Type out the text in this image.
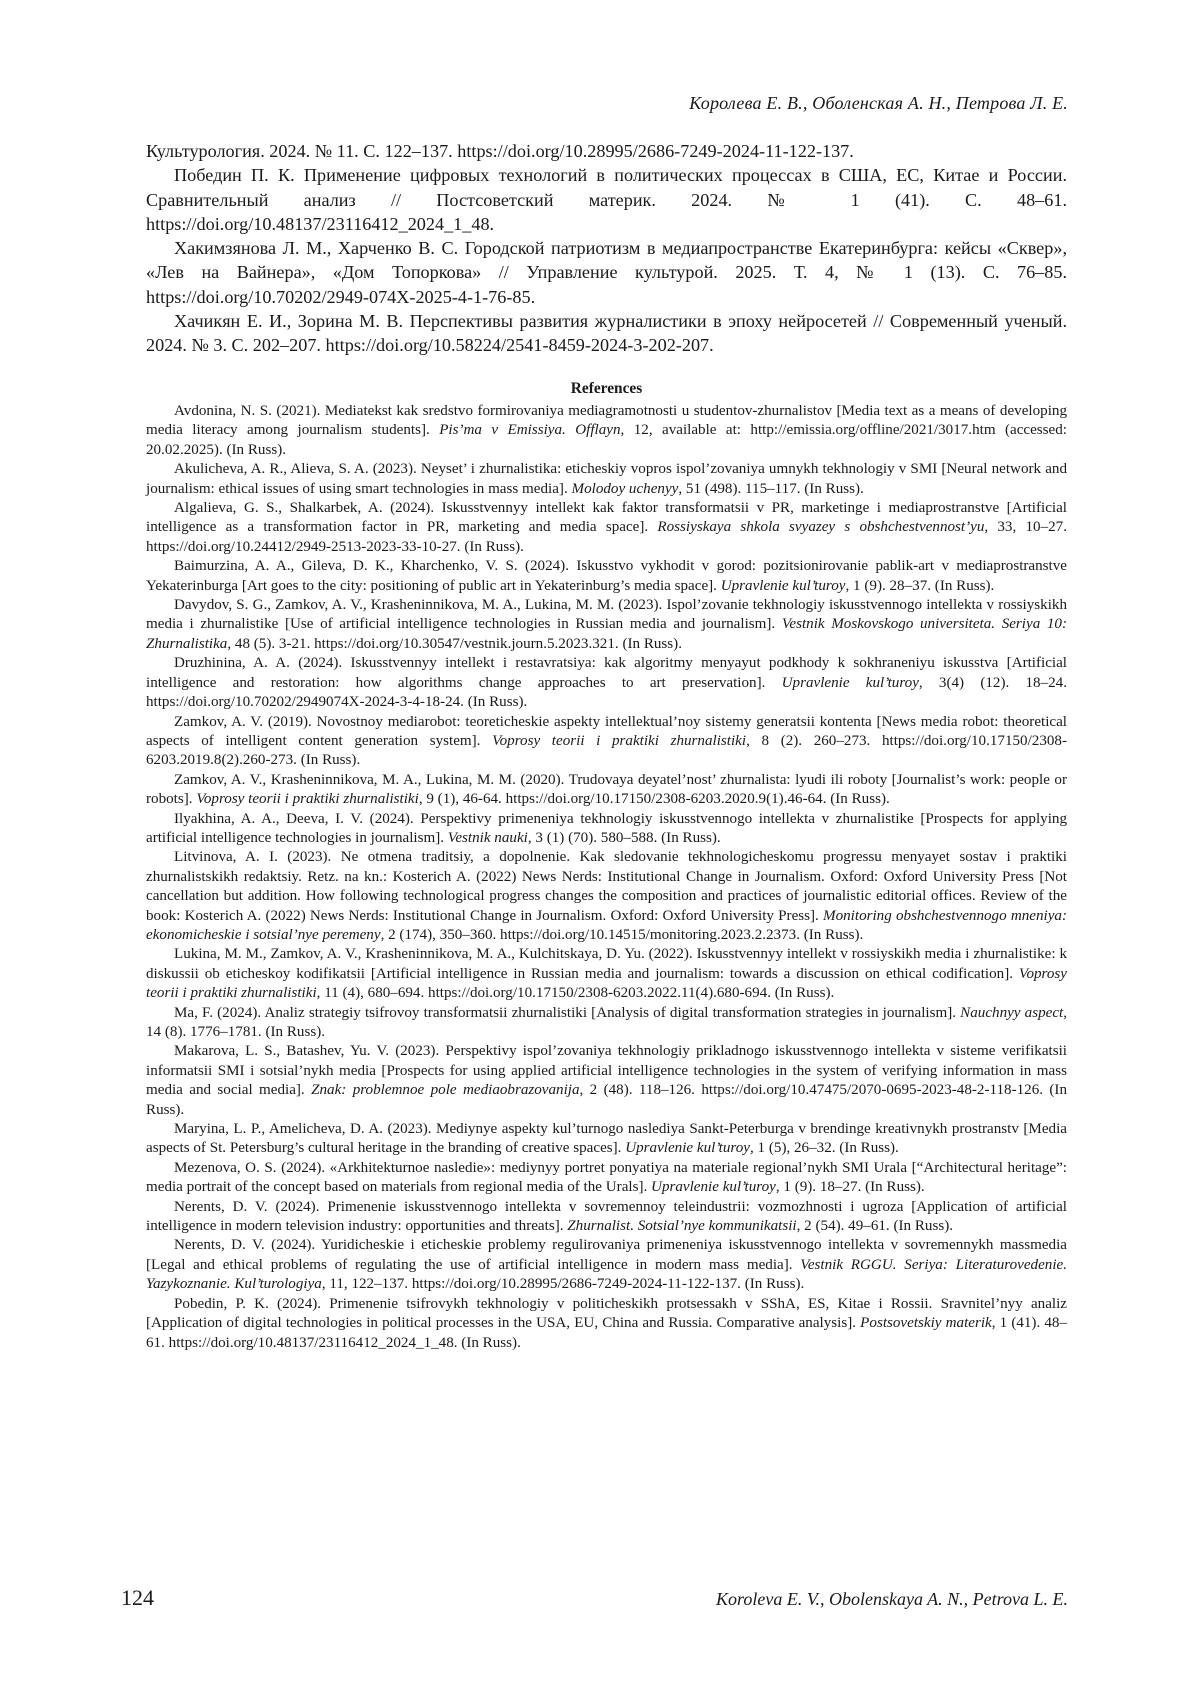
Королева Е. В., Оболенская А. Н., Петрова Л. Е.

Культурология. 2024. № 11. С. 122–137. https://doi.org/10.28995/2686-7249-2024-11-122-137.

Победин П. К. Применение цифровых технологий в политических процессах в США, ЕС, Китае и России. Сравнительный анализ // Постсоветский материк. 2024. № 1 (41). С. 48–61. https://doi.org/10.48137/23116412_2024_1_48.

Хакимзянова Л. М., Харченко В. С. Городской патриотизм в медиапространстве Екатеринбурга: кейсы «Сквер», «Лев на Вайнера», «Дом Топоркова» // Управление культурой. 2025. Т. 4, № 1 (13). С. 76–85. https://doi.org/10.70202/2949-074X-2025-4-1-76-85.

Хачикян Е. И., Зорина М. В. Перспективы развития журналистики в эпоху нейросетей // Современный ученый. 2024. № 3. С. 202–207. https://doi.org/10.58224/2541-8459-2024-3-202-207.

References

Avdonina, N. S. (2021). Mediatekst kak sredstvo formirovaniya mediagramotnosti u studentov-zhurnalistov [Media text as a means of developing media literacy among journalism students]. Pis’ma v Emissiya. Offlayn, 12, available at: http://emissia.org/offline/2021/3017.htm (accessed: 20.02.2025). (In Russ).

Akulicheva, A. R., Alieva, S. A. (2023). Neyset’ i zhurnalistika: eticheskiy vopros ispol’zovaniya umnykh tekhnologiy v SMI [Neural network and journalism: ethical issues of using smart technologies in mass media]. Molodoy uchenyy, 51 (498). 115–117. (In Russ).

Algalieva, G. S., Shalkarbek, A. (2024). Iskusstvennyy intellekt kak faktor transformatsii v PR, marketinge i mediaprostranstve [Artificial intelligence as a transformation factor in PR, marketing and media space]. Rossiyskaya shkola svyazey s obshchestvennost’yu, 33, 10–27. https://doi.org/10.24412/2949-2513-2023-33-10-27. (In Russ).

Baimurzina, A. A., Gileva, D. K., Kharchenko, V. S. (2024). Iskusstvo vykhodit v gorod: pozitsionirovanie pablik-art v mediaprostranstve Yekaterinburga [Art goes to the city: positioning of public art in Yekaterinburg’s media space]. Upravlenie kul’turoy, 1 (9). 28–37. (In Russ).

Davydov, S. G., Zamkov, A. V., Krasheninnikova, M. A., Lukina, M. M. (2023). Ispol’zovanie tekhnologiy iskusstvennogo intellekta v rossiyskikh media i zhurnalistike [Use of artificial intelligence technologies in Russian media and journalism]. Vestnik Moskovskogo universiteta. Seriya 10: Zhurnalistika, 48 (5). 3-21. https://doi.org/10.30547/vestnik.journ.5.2023.321. (In Russ).

Druzhinina, A. A. (2024). Iskusstvennyy intellekt i restavratsiya: kak algoritmy menyayut podkhody k sokhraneniyu iskusstva [Artificial intelligence and restoration: how algorithms change approaches to art preservation]. Upravlenie kul’turoy, 3(4) (12). 18–24. https://doi.org/10.70202/2949074X-2024-3-4-18-24. (In Russ).

Zamkov, A. V. (2019). Novostnoy mediarobot: teoreticheskie aspekty intellektual’noy sistemy generatsii kontenta [News media robot: theoretical aspects of intelligent content generation system]. Voprosy teorii i praktiki zhurnalistiki, 8 (2). 260–273. https://doi.org/10.17150/2308-6203.2019.8(2).260-273. (In Russ).

Zamkov, A. V., Krasheninnikova, M. A., Lukina, M. M. (2020). Trudovaya deyatel’nost’ zhurnalista: lyudi ili roboty [Journalist’s work: people or robots]. Voprosy teorii i praktiki zhurnalistiki, 9 (1), 46-64. https://doi.org/10.17150/2308-6203.2020.9(1).46-64. (In Russ).

Ilyakhina, A. A., Deeva, I. V. (2024). Perspektivy primeneniya tekhnologiy iskusstvennogo intellekta v zhurnalistike [Prospects for applying artificial intelligence technologies in journalism]. Vestnik nauki, 3 (1) (70). 580–588. (In Russ).

Litvinova, A. I. (2023). Ne otmena traditsiy, a dopolnenie. Kak sledovanie tekhnologicheskomu progressu menyayet sostav i praktiki zhurnalistskikh redaktsiy. Retz. na kn.: Kosterich A. (2022) News Nerds: Institutional Change in Journalism. Oxford: Oxford University Press [Not cancellation but addition. How following technological progress changes the composition and practices of journalistic editorial offices. Review of the book: Kosterich A. (2022) News Nerds: Institutional Change in Journalism. Oxford: Oxford University Press]. Monitoring obshchestvennogo mneniya: ekonomicheskie i sotsial’nye peremeny, 2 (174), 350–360. https://doi.org/10.14515/monitoring.2023.2.2373. (In Russ).

Lukina, M. M., Zamkov, A. V., Krasheninnikova, M. A., Kulchitskaya, D. Yu. (2022). Iskusstvennyy intellekt v rossiyskikh media i zhurnalistike: k diskussii ob eticheskoy kodifikatsii [Artificial intelligence in Russian media and journalism: towards a discussion on ethical codification]. Voprosy teorii i praktiki zhurnalistiki, 11 (4), 680–694. https://doi.org/10.17150/2308-6203.2022.11(4).680-694. (In Russ).

Ma, F. (2024). Analiz strategiy tsifrovoy transformatsii zhurnalistiki [Analysis of digital transformation strategies in journalism]. Nauchnyy aspect, 14 (8). 1776–1781. (In Russ).

Makarova, L. S., Batashev, Yu. V. (2023). Perspektivy ispol’zovaniya tekhnologiy prikladnogo iskusstvennogo intellekta v sisteme verifikatsii informatsii SMI i sotsial’nykh media [Prospects for using applied artificial intelligence technologies in the system of verifying information in mass media and social media]. Znak: problemnoe pole mediaobrazovanija, 2 (48). 118–126. https://doi.org/10.47475/2070-0695-2023-48-2-118-126. (In Russ).

Maryina, L. P., Amelicheva, D. A. (2023). Mediynye aspekty kul’turnogo naslediya Sankt-Peterburga v brendinge kreativnykh prostranstv [Media aspects of St. Petersburg’s cultural heritage in the branding of creative spaces]. Upravlenie kul’turoy, 1 (5), 26–32. (In Russ).

Mezenova, O. S. (2024). «Arkhitekturnoe nasledie»: mediynyy portret ponyatiya na materiale regional’nykh SMI Urala [“Architectural heritage”: media portrait of the concept based on materials from regional media of the Urals]. Upravlenie kul’turoy, 1 (9). 18–27. (In Russ).

Nerents, D. V. (2024). Primenenie iskusstvennogo intellekta v sovremennoy teleindustrii: vozmozhnosti i ugroza [Application of artificial intelligence in modern television industry: opportunities and threats]. Zhurnalist. Sotsial’nye kommunikatsii, 2 (54). 49–61. (In Russ).

Nerents, D. V. (2024). Yuridicheskie i eticheskie problemy regulirovaniya primeneniya iskusstvennogo intellekta v sovremennykh massmedia [Legal and ethical problems of regulating the use of artificial intelligence in modern mass media]. Vestnik RGGU. Seriya: Literaturovedenie. Yazykoznanie. Kul’turologiya, 11, 122–137. https://doi.org/10.28995/2686-7249-2024-11-122-137. (In Russ).

Pobedin, P. K. (2024). Primenenie tsifrovykh tekhnologiy v politicheskikh protsessakh v SShA, ES, Kitae i Rossii. Sravnitel’nyy analiz [Application of digital technologies in political processes in the USA, EU, China and Russia. Comparative analysis]. Postsovetskiy materik, 1 (41). 48–61. https://doi.org/10.48137/23116412_2024_1_48. (In Russ).

124	Koroleva E. V., Obolenskaya A. N., Petrova L. E.
